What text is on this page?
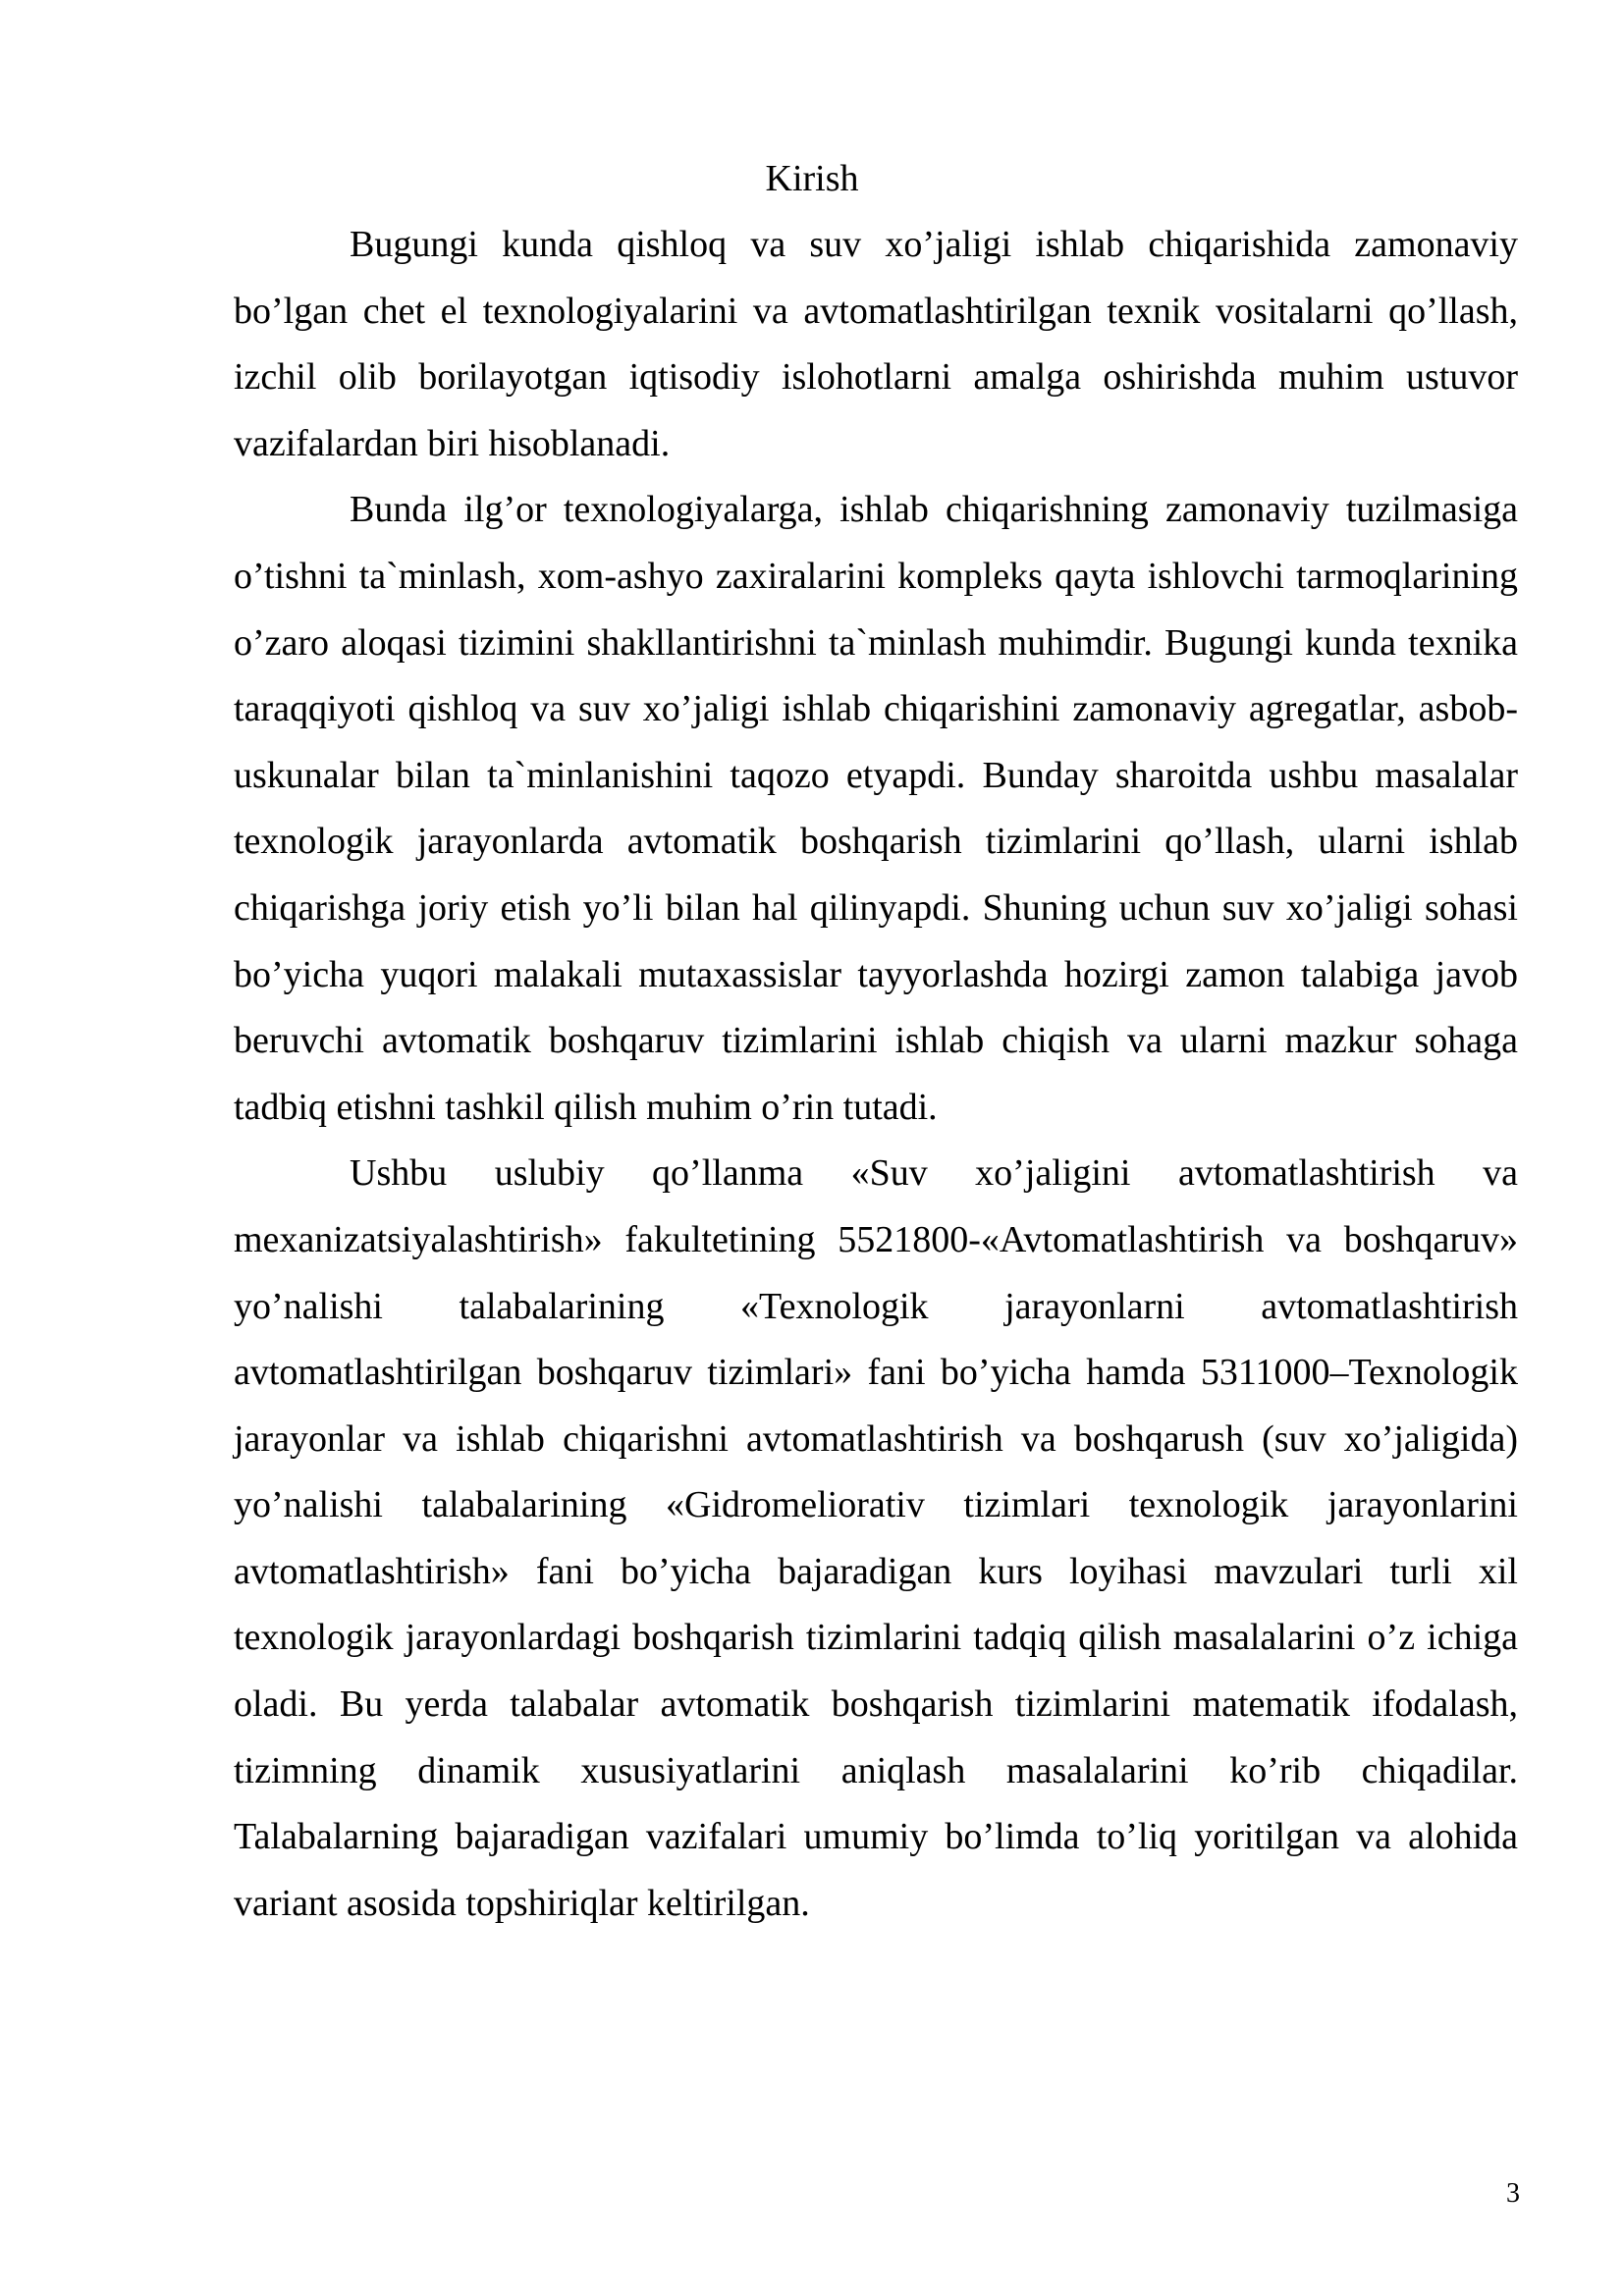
Kirish

Bugungi kunda qishloq va suv xo’jaligi ishlab chiqarishida zamonaviy bo’lgan chet el texnologiyalarini va avtomatlashtirilgan texnik vositalarni qo’llash, izchil olib borilayotgan iqtisodiy islohotlarni amalga oshirishda muhim ustuvor vazifalardan biri hisoblanadi.

Bunda ilg’or texnologiyalarga, ishlab chiqarishning zamonaviy tuzilmasiga o’tishni ta`minlash, xom-ashyo zaxiralarini kompleks qayta ishlovchi tarmoqlarining o’zaro aloqasi tizimini shakllantirishni ta`minlash muhimdir. Bugungi kunda texnika taraqqiyoti qishloq va suv xo’jaligi ishlab chiqarishini zamonaviy agregatlar, asbob-uskunalar bilan ta`minlanishini taqozo etyapdi. Bunday sharoitda ushbu masalalar texnologik jarayonlarda avtomatik boshqarish tizimlarini qo’llash, ularni ishlab chiqarishga joriy etish yo’li bilan hal qilinyapdi. Shuning uchun suv xo’jaligi sohasi bo’yicha yuqori malakali mutaxassislar tayyorlashda hozirgi zamon talabiga javob beruvchi avtomatik boshqaruv tizimlarini ishlab chiqish va ularni mazkur sohaga tadbiq etishni tashkil qilish muhim o’rin tutadi.

Ushbu uslubiy qo’llanma «Suv xo’jaligini avtomatlashtirish va mexanizatsiyalashtirish» fakultetining 5521800-«Avtomatlashtirish va boshqaruv» yo’nalishi talabalarining «Texnologik jarayonlarni avtomatlashtirish avtomatlashtirilgan boshqaruv tizimlari» fani bo’yicha hamda 5311000–Texnologik jarayonlar va ishlab chiqarishni avtomatlashtirish va boshqarush (suv xo’jaligida) yo’nalishi talabalarining «Gidromeliorativ tizimlari texnologik jarayonlarini avtomatlashtirish» fani bo’yicha bajaradigan kurs loyihasi mavzulari turli xil texnologik jarayonlardagi boshqarish tizimlarini tadqiq qilish masalalarini o’z ichiga oladi. Bu yerda talabalar avtomatik boshqarish tizimlarini matematik ifodalash, tizimning dinamik xususiyatlarini aniqlash masalalarini ko’rib chiqadilar. Talabalarning bajaradigan vazifalari umumiy bo’limda to’liq yoritilgan va alohida variant asosida topshiriqlar keltirilgan.

3
